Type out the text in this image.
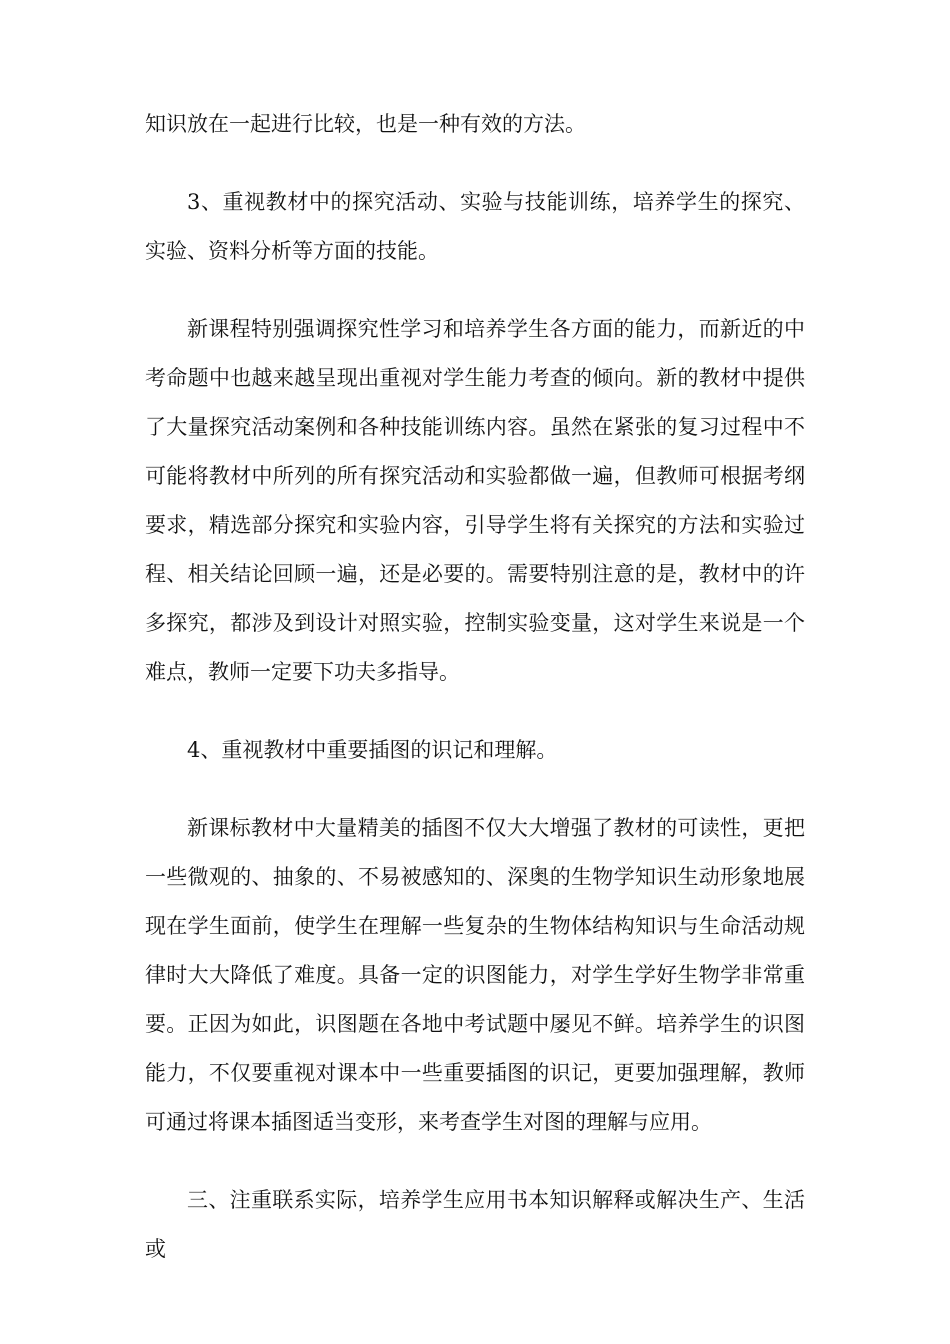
知识放在一起进行比较，也是一种有效的方法。

3、重视教材中的探究活动、实验与技能训练，培养学生的探究、实验、资料分析等方面的技能。

新课程特别强调探究性学习和培养学生各方面的能力，而新近的中考命题中也越来越呈现出重视对学生能力考查的倾向。新的教材中提供了大量探究活动案例和各种技能训练内容。虽然在紧张的复习过程中不可能将教材中所列的所有探究活动和实验都做一遍，但教师可根据考纲要求，精选部分探究和实验内容，引导学生将有关探究的方法和实验过程、相关结论回顾一遍，还是必要的。需要特别注意的是，教材中的许多探究，都涉及到设计对照实验，控制实验变量，这对学生来说是一个难点，教师一定要下功夫多指导。

4、重视教材中重要插图的识记和理解。

新课标教材中大量精美的插图不仅大大增强了教材的可读性，更把一些微观的、抽象的、不易被感知的、深奥的生物学知识生动形象地展现在学生面前，使学生在理解一些复杂的生物体结构知识与生命活动规律时大大降低了难度。具备一定的识图能力，对学生学好生物学非常重要。正因为如此，识图题在各地中考试题中屡见不鲜。培养学生的识图能力，不仅要重视对课本中一些重要插图的识记，更要加强理解，教师可通过将课本插图适当变形，来考查学生对图的理解与应用。

三、注重联系实际，培养学生应用书本知识解释或解决生产、生活或
